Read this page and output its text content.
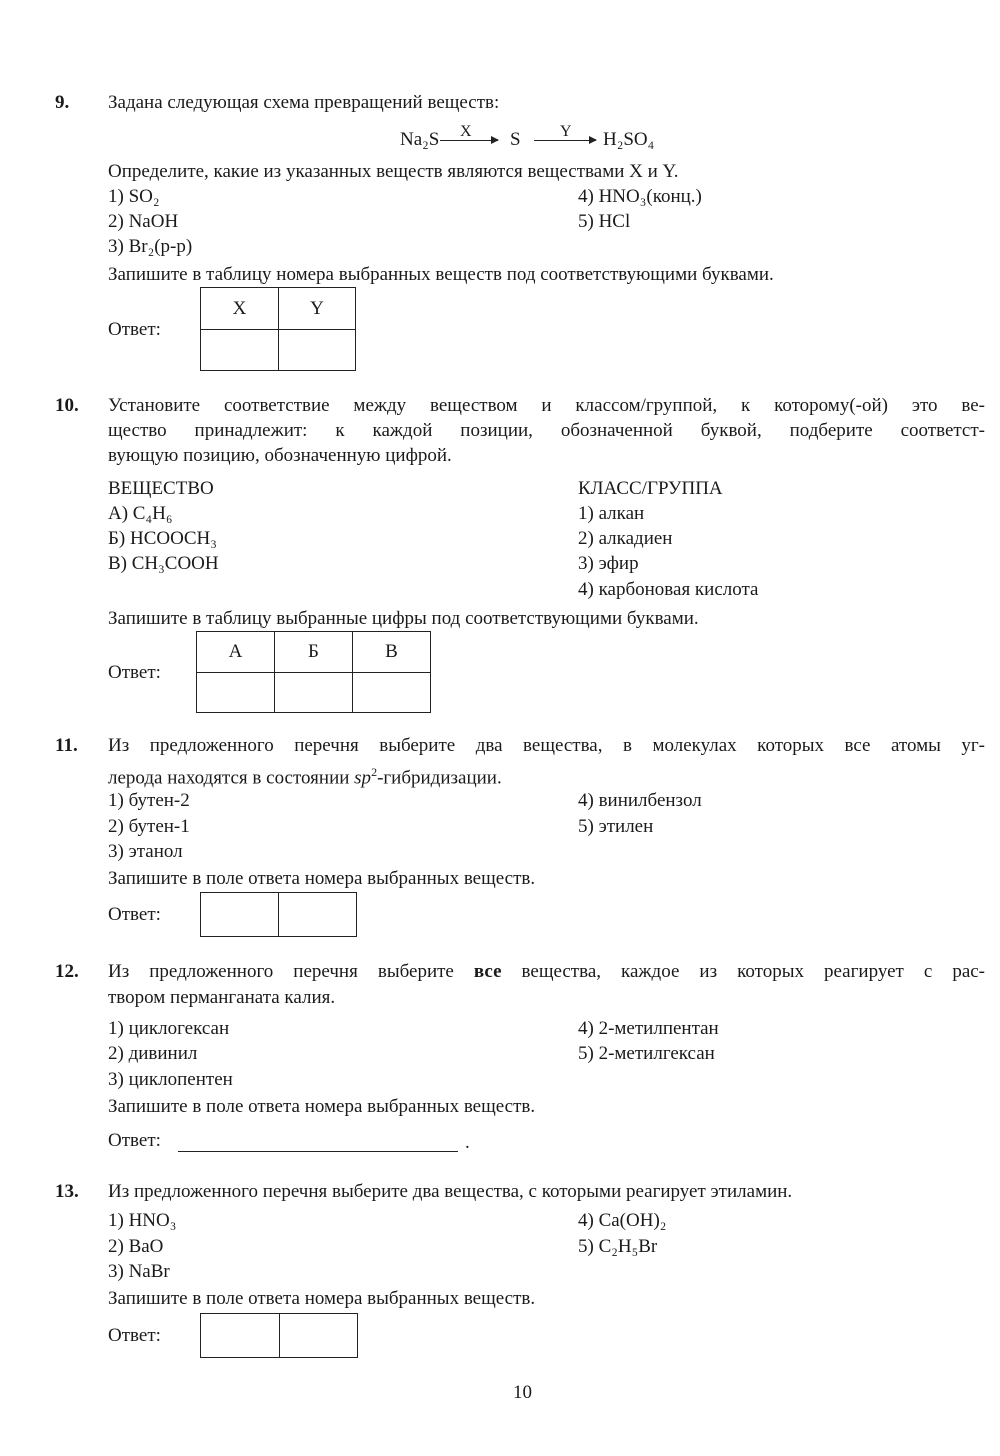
9. Задана следующая схема превращений веществ:
Na₂S X S Y H₂SO₄
Определите, какие из указанных веществ являются веществами X и Y.
1) SO₂
2) NaOH
3) Br₂(р-р)
4) HNO₃(конц.)
5) HCl
Запишите в таблицу номера выбранных веществ под соответствующими буквами.
Ответ:
X	Y
10. Установите соответствие между веществом и классом/группой, к которому(-ой) это ве-
щество принадлежит: к каждой позиции, обозначенной буквой, подберите соответст-
вующую позицию, обозначенную цифрой.
ВЕЩЕСТВО
А) C₄H₆
Б) HCOOCH₃
В) CH₃COOH
КЛАСС/ГРУППА
1) алкан
2) алкадиен
3) эфир
4) карбоновая кислота
Запишите в таблицу выбранные цифры под соответствующими буквами.
Ответ:
А	Б	В
11. Из предложенного перечня выберите два вещества, в молекулах которых все атомы уг-
лерода находятся в состоянии $sp^2$-гибридизации.
1) бутен-2
2) бутен-1
3) этанол
4) винилбензол
5) этилен
Запишите в поле ответа номера выбранных веществ.
Ответ:
12. Из предложенного перечня выберите все вещества, каждое из которых реагирует с рас-
твором перманганата калия.
1) циклогексан
2) дивинил
3) циклопентен
4) 2-метилпентан
5) 2-метилгексан
Запишите в поле ответа номера выбранных веществ.
Ответ:	.
13. Из предложенного перечня выберите два вещества, с которыми реагирует этиламин.
1) HNO₃
2) BaO
3) NaBr
4) Ca(OH)₂
5) C₂H₅Br
Запишите в поле ответа номера выбранных веществ.
Ответ:
10
